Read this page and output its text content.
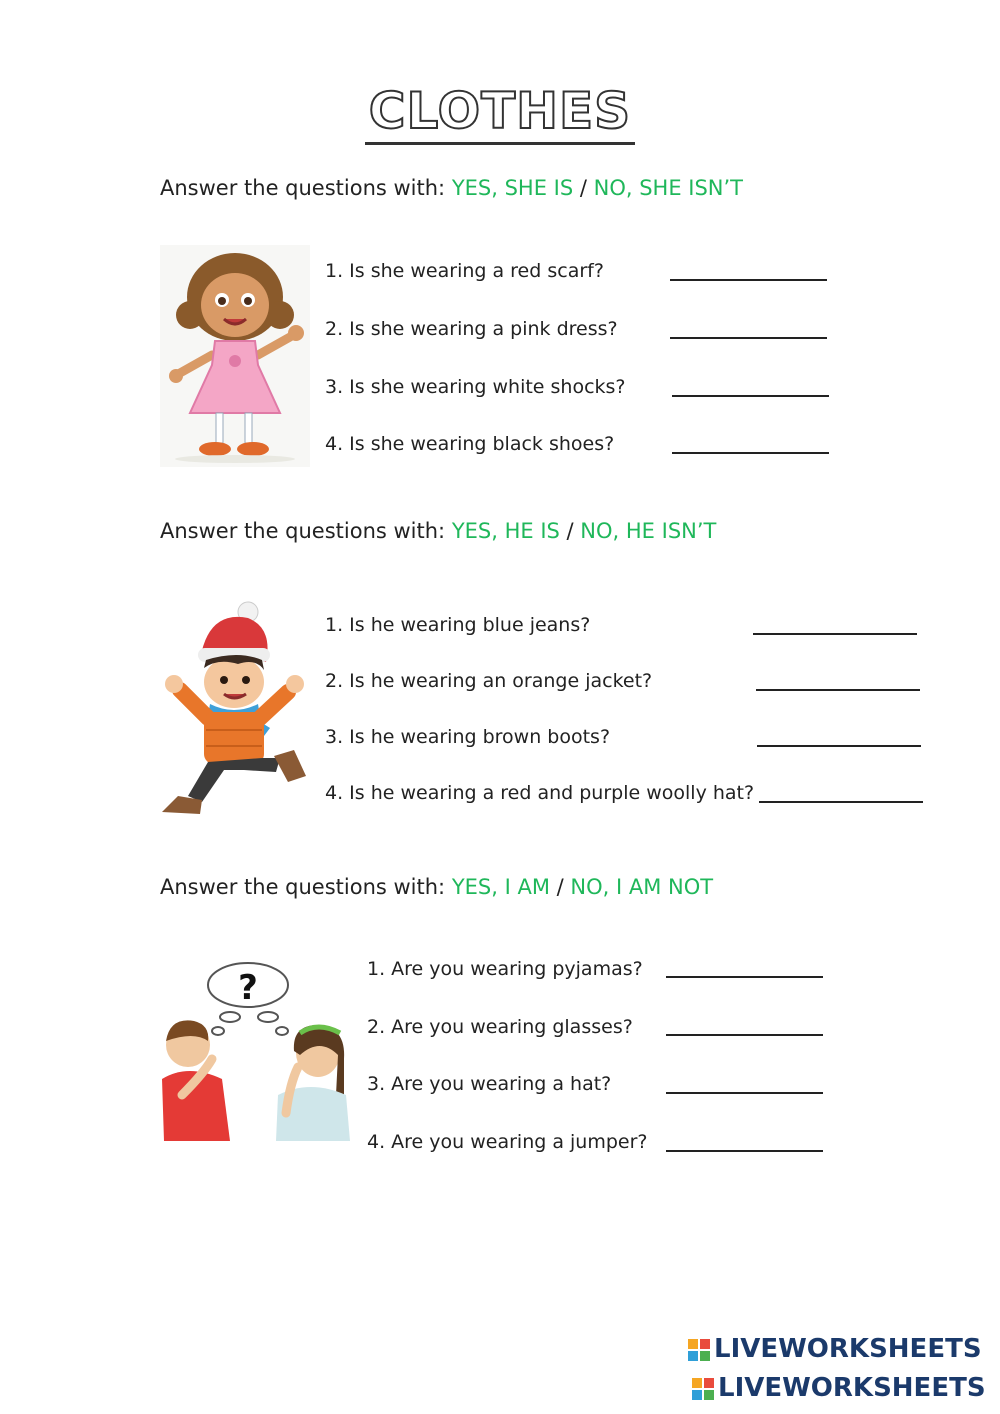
CLOTHES
Answer the questions with: YES, SHE IS / NO, SHE ISN’T
1. Is she wearing a red scarf?
2. Is she wearing a pink dress?
3. Is she wearing white shocks?
4. Is she wearing black shoes?
Answer the questions with: YES, HE IS / NO, HE ISN’T
1. Is he wearing blue jeans?
2. Is he wearing an orange jacket?
3. Is he wearing brown boots?
4. Is he wearing a red and purple woolly hat?
Answer the questions with: YES, I AM / NO, I AM NOT
?	1. Are you wearing pyjamas?
2. Are you wearing glasses?
3. Are you wearing a hat?
4. Are you wearing a jumper?
LIVEWORKSHEETS
LIVEWORKSHEETS
